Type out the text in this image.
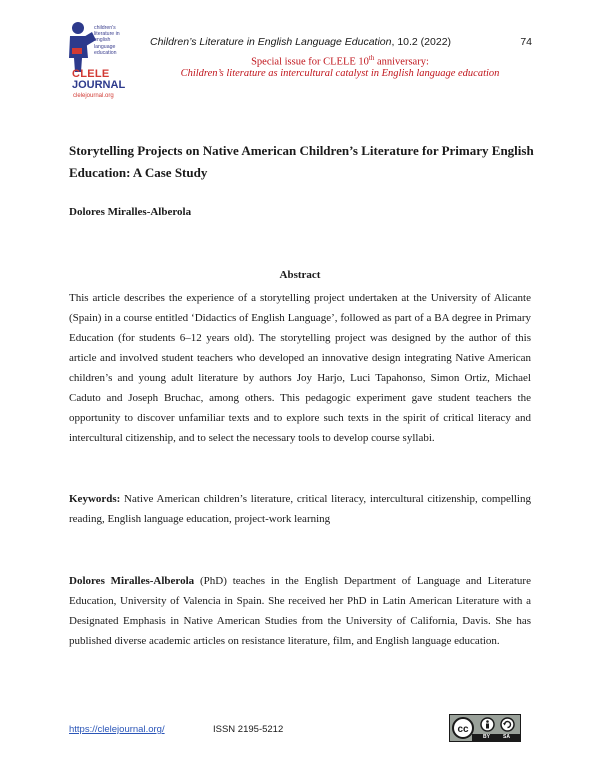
children's
literature in
english
language
education
CLELE
JOURNAL
clelejournal.org
Children’s Literature in English Language Education, 10.2 (2022)	74
Special issue for CLELE 10th anniversary:
Children’s literature as intercultural catalyst in English language education
Storytelling Projects on Native American Children’s Literature for Primary English Education: A Case Study
Dolores Miralles-Alberola
Abstract
This article describes the experience of a storytelling project undertaken at the University of Alicante (Spain) in a course entitled ‘Didactics of English Language’, followed as part of a BA degree in Primary Education (for students 6–12 years old). The storytelling project was designed by the author of this article and involved student teachers who developed an innovative design integrating Native American children’s and young adult literature by authors Joy Harjo, Luci Tapahonso, Simon Ortiz, Michael Caduto and Joseph Bruchac, among others. This pedagogic experiment gave student teachers the opportunity to discover unfamiliar texts and to explore such texts in the spirit of critical literacy and intercultural citizenship, and to select the necessary tools to develop course syllabi.
Keywords: Native American children’s literature, critical literacy, intercultural citizenship, compelling reading, English language education, project-work learning
Dolores Miralles-Alberola (PhD) teaches in the English Department of Language and Literature Education, University of Valencia in Spain. She received her PhD in Latin American Literature with a Designated Emphasis in Native American Studies from the University of California, Davis. She has published diverse academic articles on resistance literature, film, and English language education.
https://clelejournal.org/	ISSN 2195-5212	cc
BY	SA
